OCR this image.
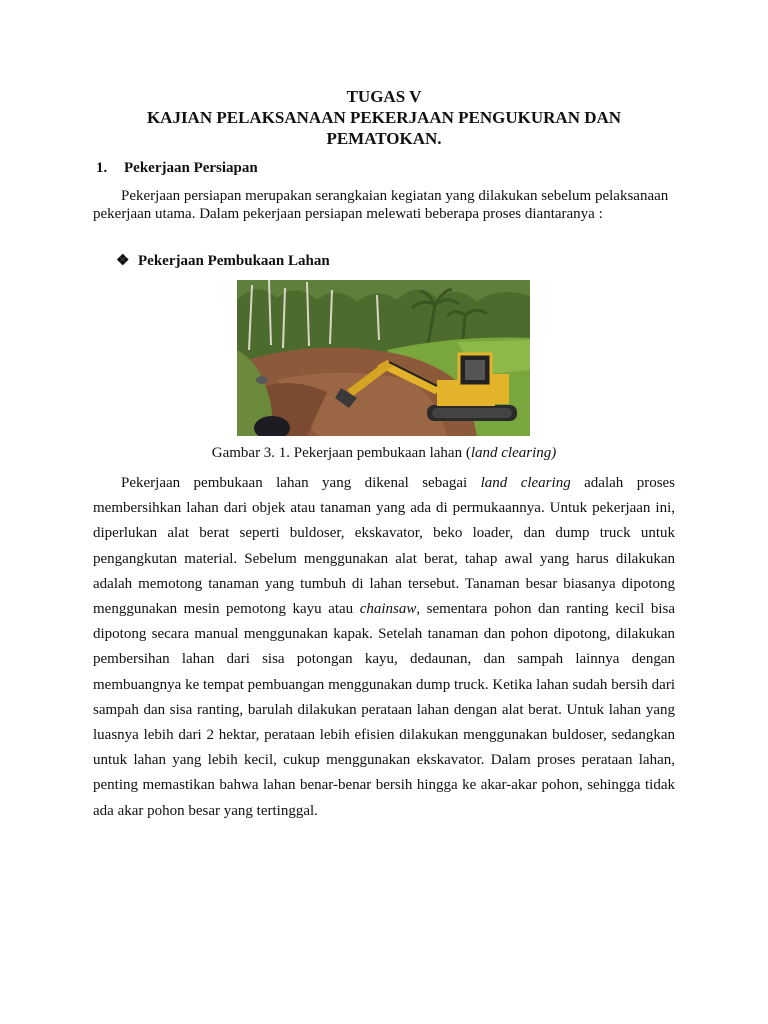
TUGAS V
KAJIAN PELAKSANAAN PEKERJAAN PENGUKURAN DAN PEMATOKAN.
1. Pekerjaan Persiapan
Pekerjaan persiapan merupakan serangkaian kegiatan yang dilakukan sebelum pelaksanaan pekerjaan utama. Dalam pekerjaan persiapan melewati beberapa proses diantaranya :
❖ Pekerjaan Pembukaan Lahan
Gambar 3. 1. Pekerjaan pembukaan lahan (land clearing)
Pekerjaan pembukaan lahan yang dikenal sebagai land clearing adalah proses membersihkan lahan dari objek atau tanaman yang ada di permukaannya. Untuk pekerjaan ini, diperlukan alat berat seperti buldoser, ekskavator, beko loader, dan dump truck untuk pengangkutan material. Sebelum menggunakan alat berat, tahap awal yang harus dilakukan adalah memotong tanaman yang tumbuh di lahan tersebut. Tanaman besar biasanya dipotong menggunakan mesin pemotong kayu atau chainsaw, sementara pohon dan ranting kecil bisa dipotong secara manual menggunakan kapak. Setelah tanaman dan pohon dipotong, dilakukan pembersihan lahan dari sisa potongan kayu, dedaunan, dan sampah lainnya dengan membuangnya ke tempat pembuangan menggunakan dump truck. Ketika lahan sudah bersih dari sampah dan sisa ranting, barulah dilakukan perataan lahan dengan alat berat. Untuk lahan yang luasnya lebih dari 2 hektar, perataan lebih efisien dilakukan menggunakan buldoser, sedangkan untuk lahan yang lebih kecil, cukup menggunakan ekskavator. Dalam proses perataan lahan, penting memastikan bahwa lahan benar-benar bersih hingga ke akar-akar pohon, sehingga tidak ada akar pohon besar yang tertinggal.
